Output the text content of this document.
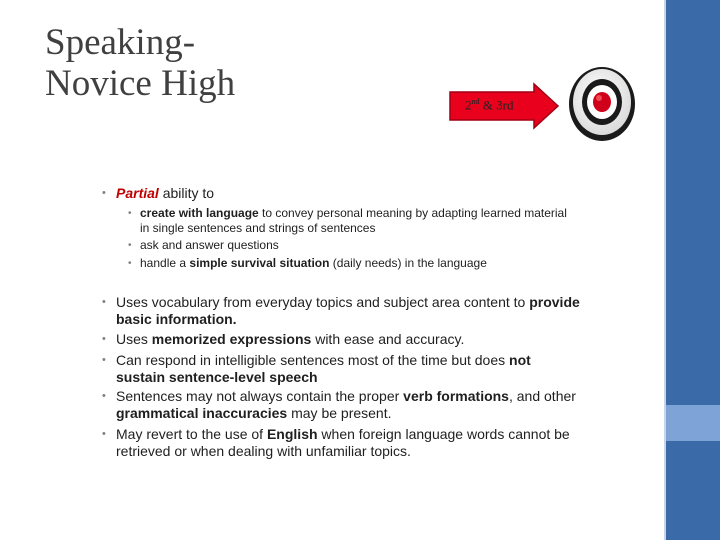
Speaking-
Novice High
2nd & 3rd
• Partial ability to
• create with language to convey personal meaning by adapting learned material
in single sentences and strings of sentences
• ask and answer questions
• handle a simple survival situation (daily needs) in the language
• Uses vocabulary from everyday topics and subject area content to provide
basic information.
• Uses memorized expressions with ease and accuracy.
• Can respond in intelligible sentences most of the time but does not
sustain sentence-level speech
• Sentences may not always contain the proper verb formations, and other
grammatical inaccuracies may be present.
• May revert to the use of English when foreign language words cannot be
retrieved or when dealing with unfamiliar topics.
